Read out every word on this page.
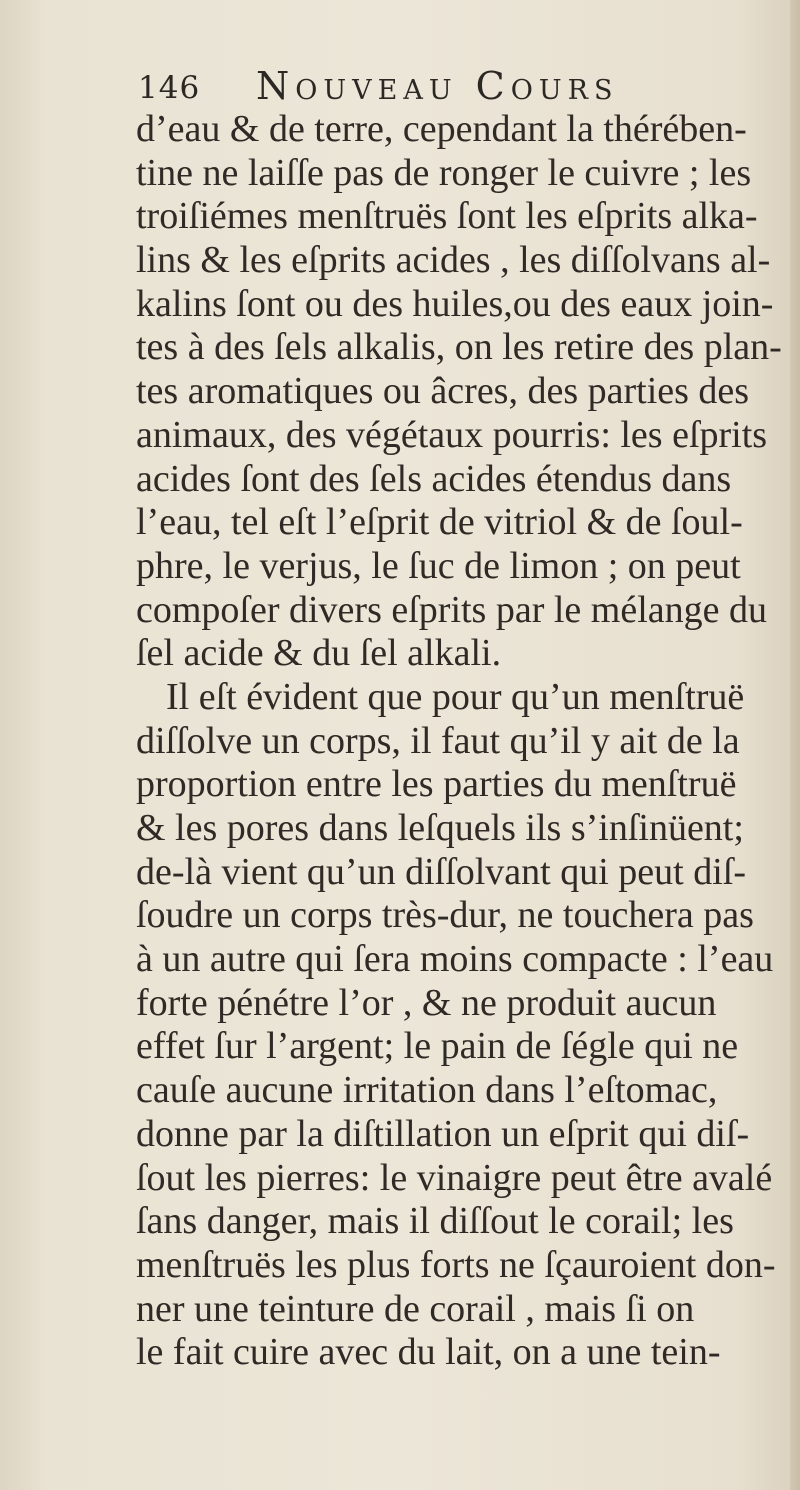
146 Nouveau Cours
d’eau & de terre, cependant la thérében-
tine ne laiſſe pas de ronger le cuivre ; les
troiſiémes menſtruës ſont les eſprits alka-
lins & les eſprits acides , les diſſolvans al-
kalins ſont ou des huiles,ou des eaux join-
tes à des ſels alkalis, on les retire des plan-
tes aromatiques ou âcres, des parties des
animaux, des végétaux pourris: les eſprits
acides ſont des ſels acides étendus dans
l’eau, tel eſt l’eſprit de vitriol & de ſoul-
phre, le verjus, le ſuc de limon ; on peut
compoſer divers eſprits par le mélange du
ſel acide & du ſel alkali.
Il eſt évident que pour qu’un menſtruë
diſſolve un corps, il faut qu’il y ait de la
proportion entre les parties du menſtruë
& les pores dans leſquels ils s’inſinüent;
de-là vient qu’un diſſolvant qui peut diſ-
ſoudre un corps très-dur, ne touchera pas
à un autre qui ſera moins compacte : l’eau
forte pénétre l’or , & ne produit aucun
effet ſur l’argent; le pain de ſégle qui ne
cauſe aucune irritation dans l’eſtomac,
donne par la diſtillation un eſprit qui diſ-
ſout les pierres: le vinaigre peut être avalé
ſans danger, mais il diſſout le corail; les
menſtruës les plus forts ne ſçauroient don-
ner une teinture de corail , mais ſi on
le fait cuire avec du lait, on a une tein-
